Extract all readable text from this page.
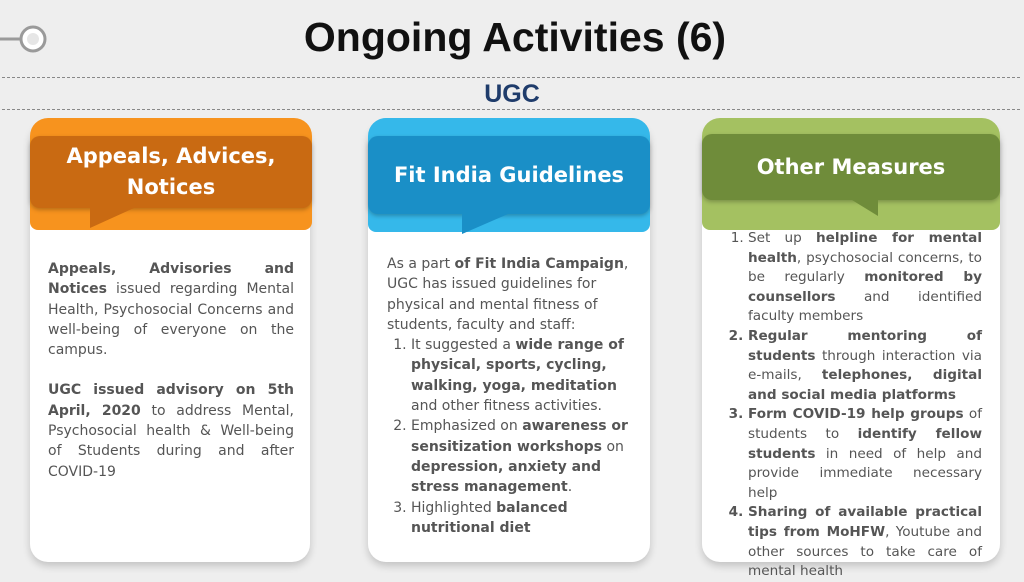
Ongoing Activities (6)
UGC
Appeals, Advices,
Notices

Appeals, Advisories and Notices issued regarding Mental Health, Psychosocial Concerns and well-being of everyone on the campus.

UGC issued advisory on 5th April, 2020 to address Mental, Psychosocial health & Well-being of Students during and after COVID-19

Fit India Guidelines

As a part of Fit India Campaign, UGC has issued guidelines for physical and mental fitness of students, faculty and staff:

1. It suggested a wide range of physical, sports, cycling, walking, yoga, meditation and other fitness activities.
2. Emphasized on awareness or sensitization workshops on depression, anxiety and stress management.
3. Highlighted balanced nutritional diet
Other Measures
1. Set up helpline for mental health, psychosocial concerns, to be regularly monitored by counsellors and identified faculty members
2. Regular mentoring of students through interaction via e-mails, telephones, digital and social media platforms
3. Form COVID-19 help groups of students to identify fellow students in need of help and provide immediate necessary help
4. Sharing of available practical tips from MoHFW, Youtube and other sources to take care of mental health
